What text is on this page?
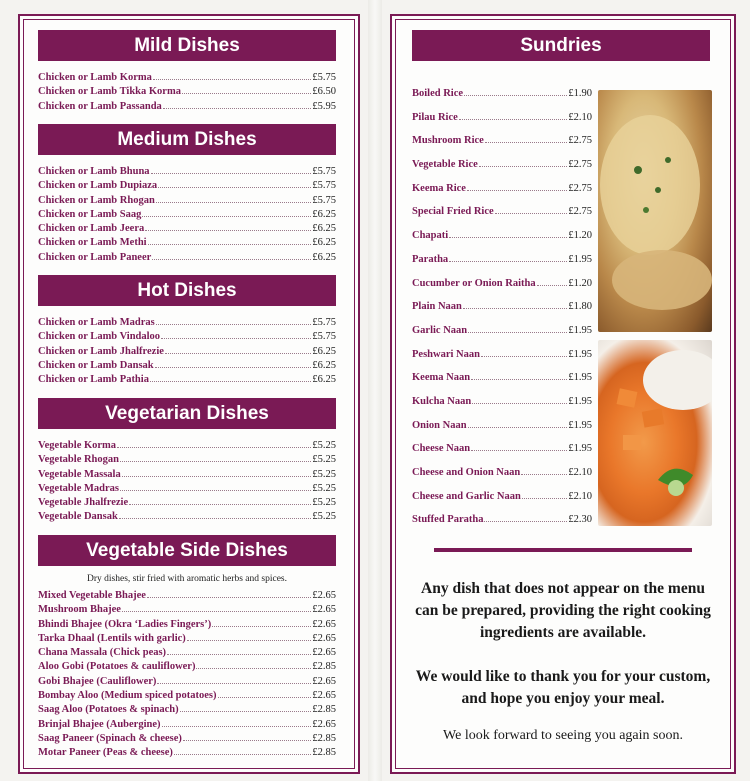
Mild Dishes
Chicken or Lamb Korma	£5.75
Chicken or Lamb Tikka Korma	£6.50
Chicken or Lamb Passanda	£5.95
Medium Dishes
Chicken or Lamb Bhuna	£5.75
Chicken or Lamb Dupiaza	£5.75
Chicken or Lamb Rhogan	£5.75
Chicken or Lamb Saag	£6.25
Chicken or Lamb Jeera	£6.25
Chicken or Lamb Methi	£6.25
Chicken or Lamb Paneer	£6.25
Hot Dishes
Chicken or Lamb Madras	£5.75
Chicken or Lamb Vindaloo	£5.75
Chicken or Lamb Jhalfrezie	£6.25
Chicken or Lamb Dansak	£6.25
Chicken or Lamb Pathia	£6.25
Vegetarian Dishes
Vegetable Korma	£5.25
Vegetable Rhogan	£5.25
Vegetable Massala	£5.25
Vegetable Madras	£5.25
Vegetable Jhalfrezie	£5.25
Vegetable Dansak	£5.25
Vegetable Side Dishes
Dry dishes, stir fried with aromatic herbs and spices.
Mixed Vegetable Bhajee	£2.65
Mushroom Bhajee	£2.65
Bhindi Bhajee (Okra ‘Ladies Fingers’)	£2.65
Tarka Dhaal (Lentils with garlic)	£2.65
Chana Massala (Chick peas)	£2.65
Aloo Gobi (Potatoes & cauliflower)	£2.85
Gobi Bhajee (Cauliflower)	£2.65
Bombay Aloo (Medium spiced potatoes)	£2.65
Saag Aloo (Potatoes & spinach)	£2.85
Brinjal Bhajee (Aubergine)	£2.65
Saag Paneer (Spinach & cheese)	£2.85
Motar Paneer (Peas & cheese)	£2.85
Sundries
Boiled Rice	£1.90
Pilau Rice	£2.10
Mushroom Rice	£2.75
Vegetable Rice	£2.75
Keema Rice	£2.75
Special Fried Rice	£2.75
Chapati	£1.20
Paratha	£1.95
Cucumber or Onion Raitha	£1.20
Plain Naan	£1.80
Garlic Naan	£1.95
Peshwari Naan	£1.95
Keema Naan	£1.95
Kulcha Naan	£1.95
Onion Naan	£1.95
Cheese Naan	£1.95
Cheese and Onion Naan	£2.10
Cheese and Garlic Naan	£2.10
Stuffed Paratha	£2.30
Any dish that does not appear on the menu can be prepared, providing the right cooking ingredients are available.
We would like to thank you for your custom, and hope you enjoy your meal.
We look forward to seeing you again soon.
